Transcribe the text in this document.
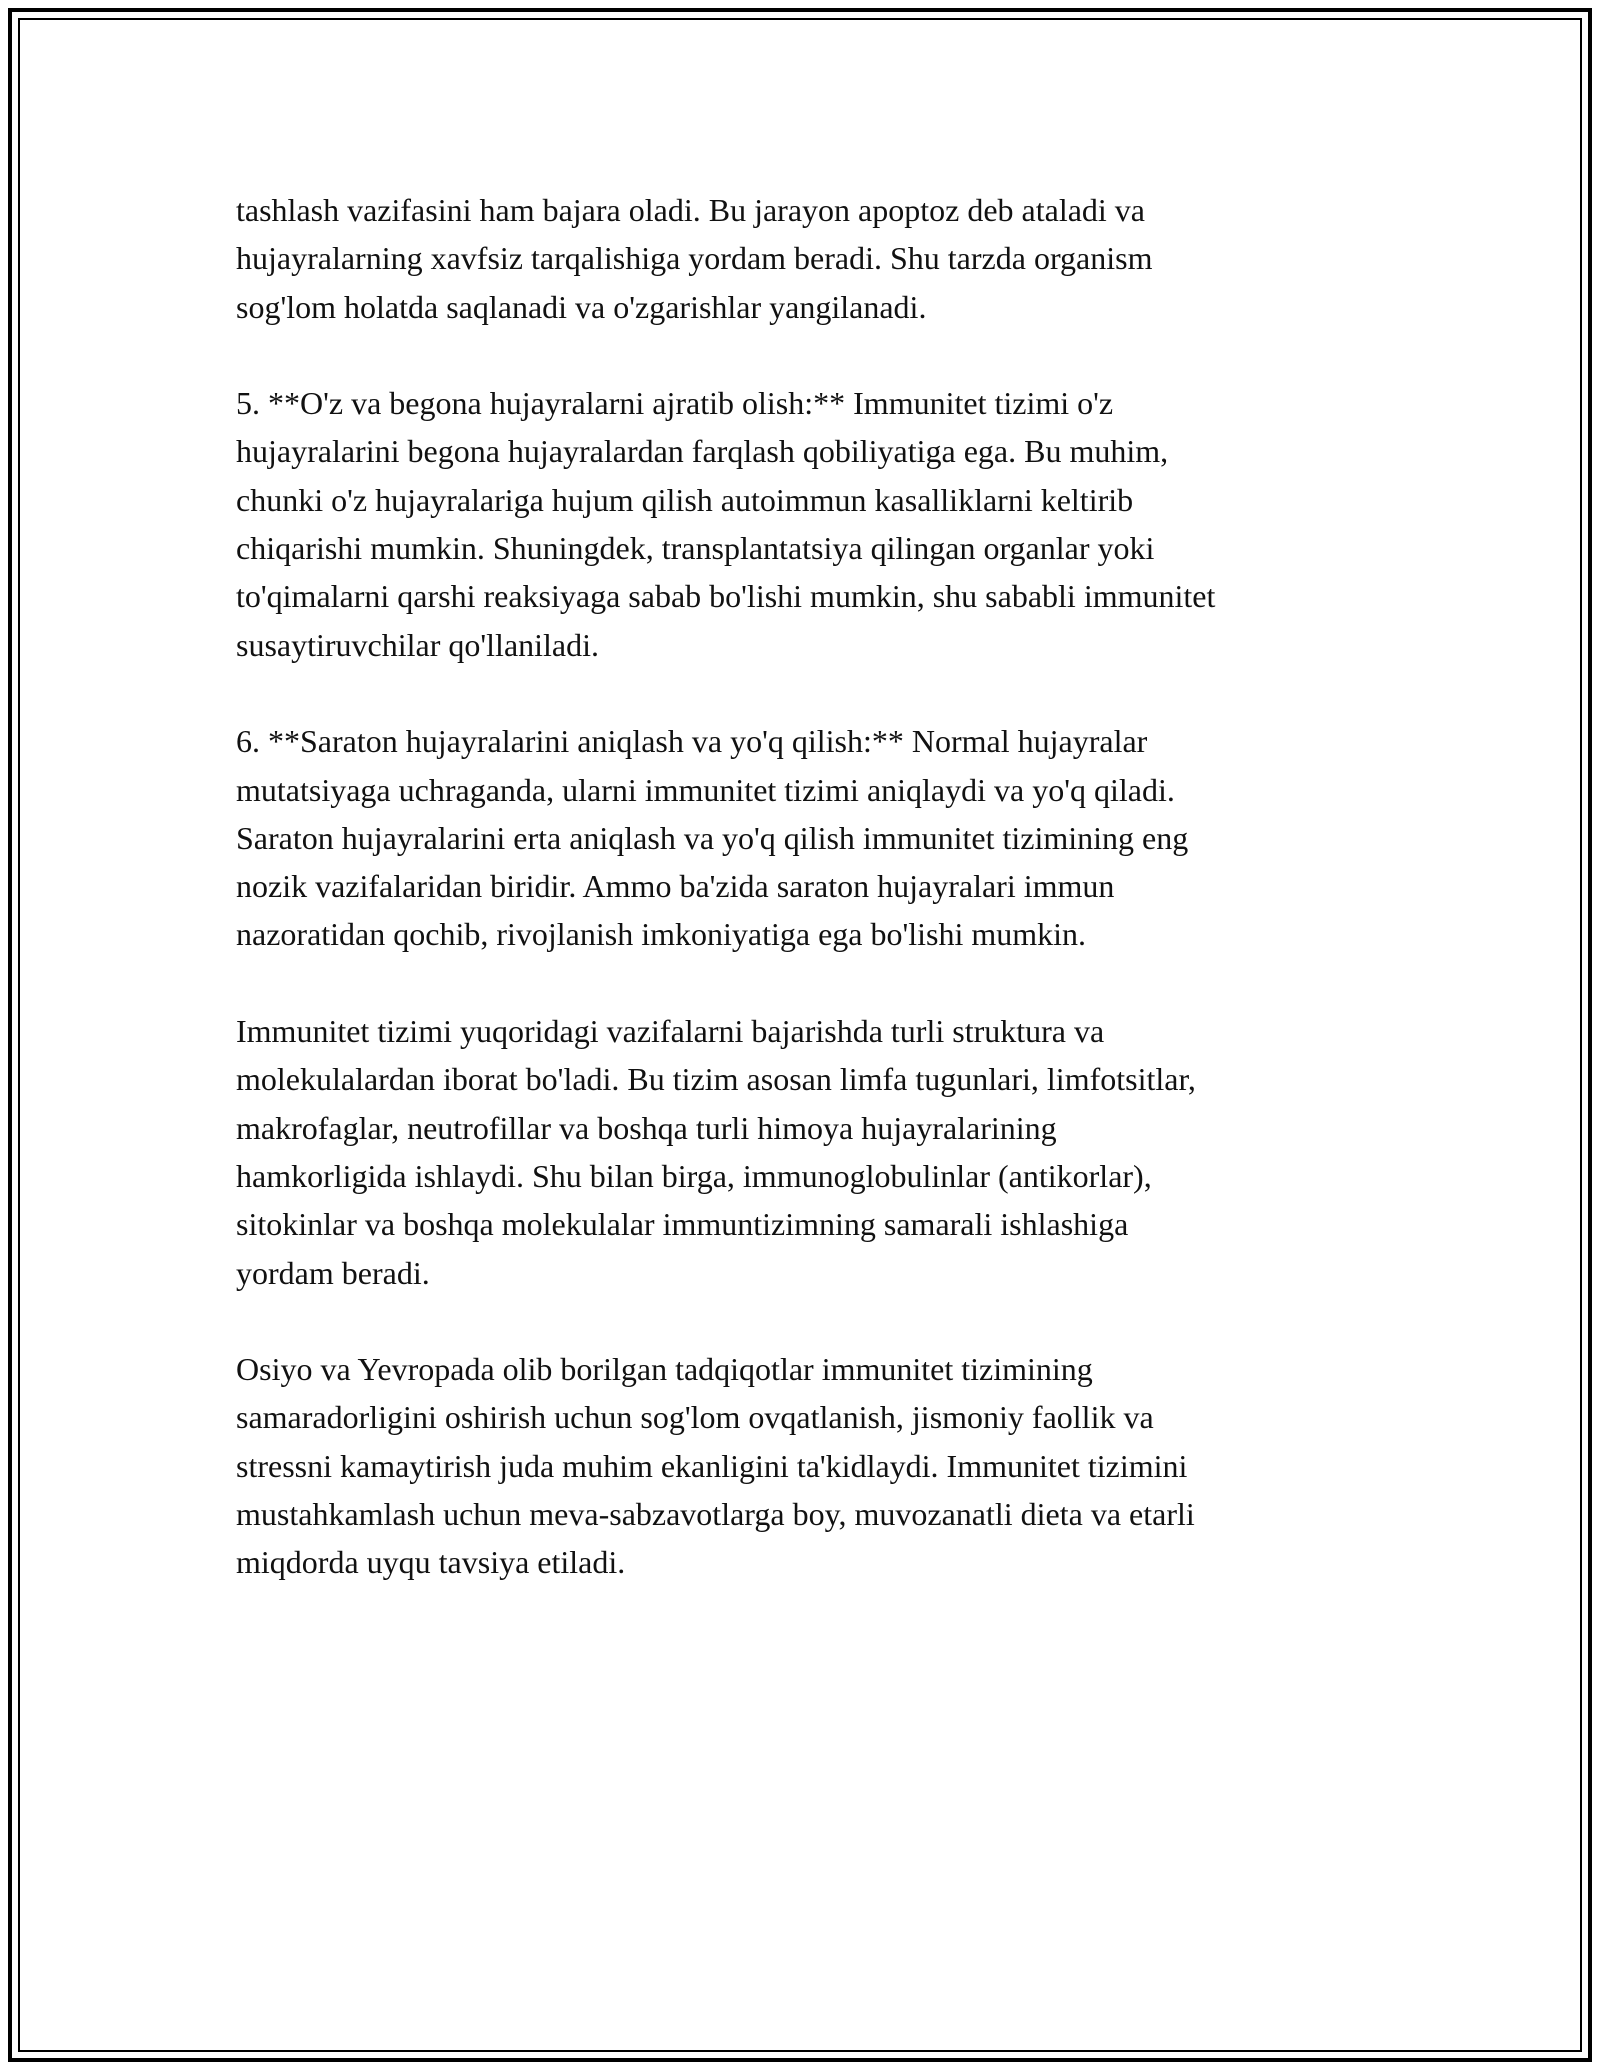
tashlash vazifasini ham bajara oladi. Bu jarayon apoptoz deb ataladi va
hujayralarning xavfsiz tarqalishiga yordam beradi. Shu tarzda organism
sog'lom holatda saqlanadi va o'zgarishlar yangilanadi.

5. **O'z va begona hujayralarni ajratib olish:** Immunitet tizimi o'z
hujayralarini begona hujayralardan farqlash qobiliyatiga ega. Bu muhim,
chunki o'z hujayralariga hujum qilish autoimmun kasalliklarni keltirib
chiqarishi mumkin. Shuningdek, transplantatsiya qilingan organlar yoki
to'qimalarni qarshi reaksiyaga sabab bo'lishi mumkin, shu sababli immunitet
susaytiruvchilar qo'llaniladi.

6. **Saraton hujayralarini aniqlash va yo'q qilish:** Normal hujayralar
mutatsiyaga uchraganda, ularni immunitet tizimi aniqlaydi va yo'q qiladi.
Saraton hujayralarini erta aniqlash va yo'q qilish immunitet tizimining eng
nozik vazifalaridan biridir. Ammo ba'zida saraton hujayralari immun
nazoratidan qochib, rivojlanish imkoniyatiga ega bo'lishi mumkin.

Immunitet tizimi yuqoridagi vazifalarni bajarishda turli struktura va
molekulalardan iborat bo'ladi. Bu tizim asosan limfa tugunlari, limfotsitlar,
makrofaglar, neutrofillar va boshqa turli himoya hujayralarining
hamkorligida ishlaydi. Shu bilan birga, immunoglobulinlar (antikorlar),
sitokinlar va boshqa molekulalar immuntizimning samarali ishlashiga
yordam beradi.

Osiyo va Yevropada olib borilgan tadqiqotlar immunitet tizimining
samaradorligini oshirish uchun sog'lom ovqatlanish, jismoniy faollik va
stressni kamaytirish juda muhim ekanligini ta'kidlaydi. Immunitet tizimini
mustahkamlash uchun meva-sabzavotlarga boy, muvozanatli dieta va etarli
miqdorda uyqu tavsiya etiladi.
